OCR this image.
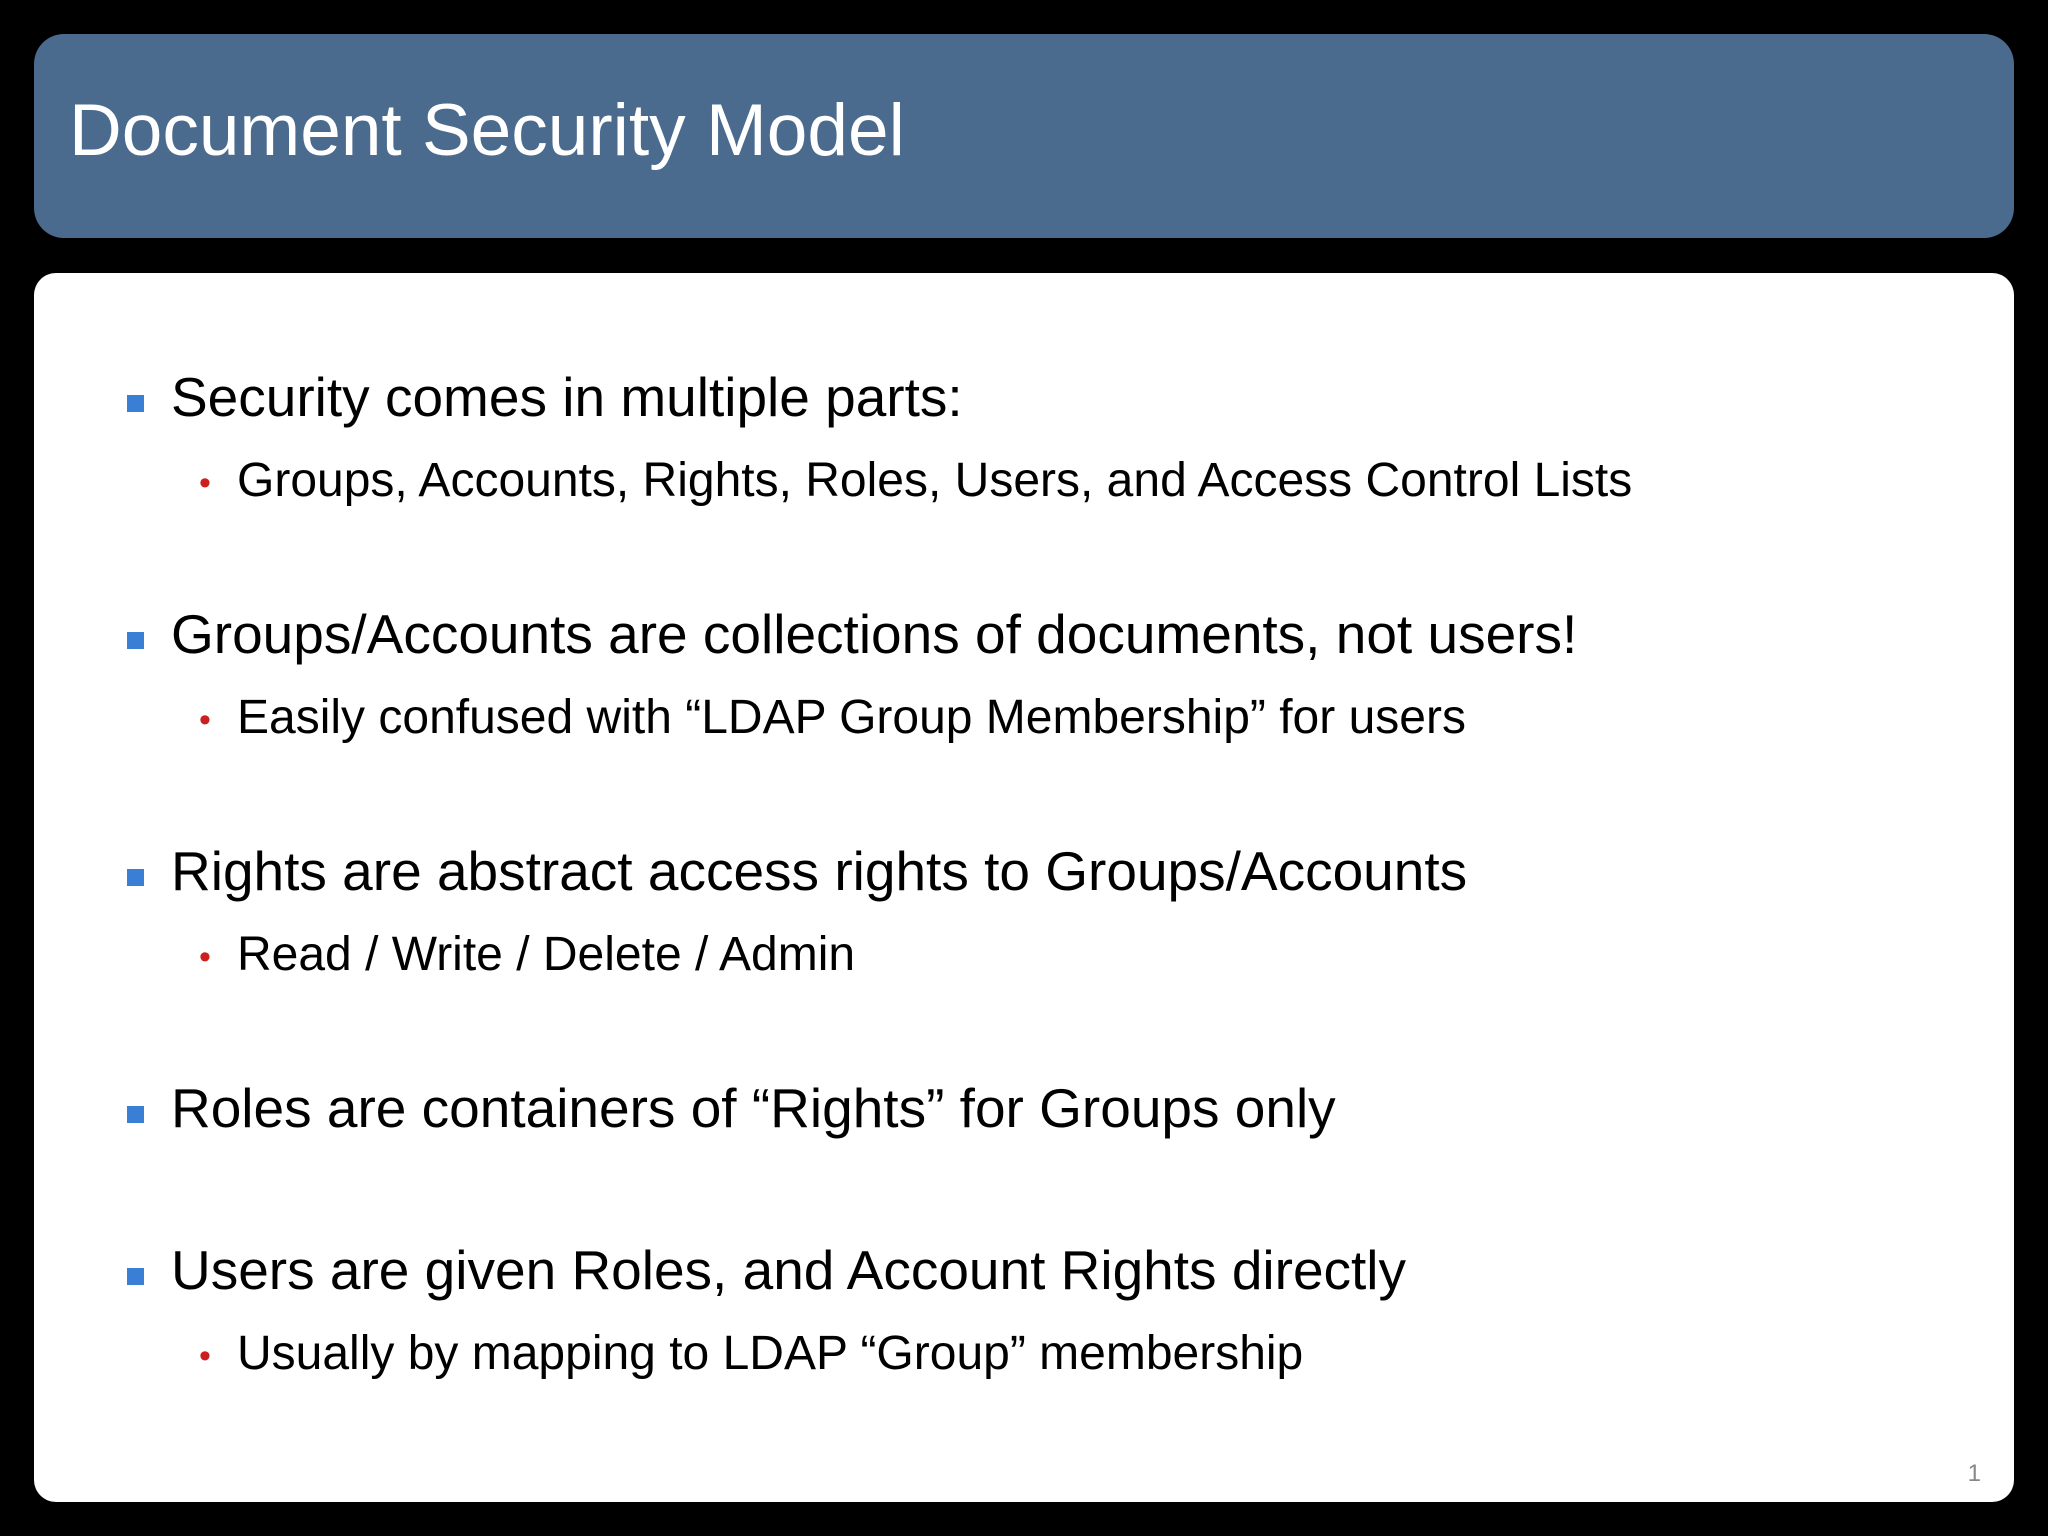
Document Security Model
Security comes in multiple parts:
• Groups, Accounts, Rights, Roles, Users, and Access Control Lists
Groups/Accounts are collections of documents, not users!
• Easily confused with “LDAP Group Membership” for users
Rights are abstract access rights to Groups/Accounts
• Read / Write / Delete / Admin
Roles are containers of “Rights” for Groups only
Users are given Roles, and Account Rights directly
• Usually by mapping to LDAP “Group” membership
1
